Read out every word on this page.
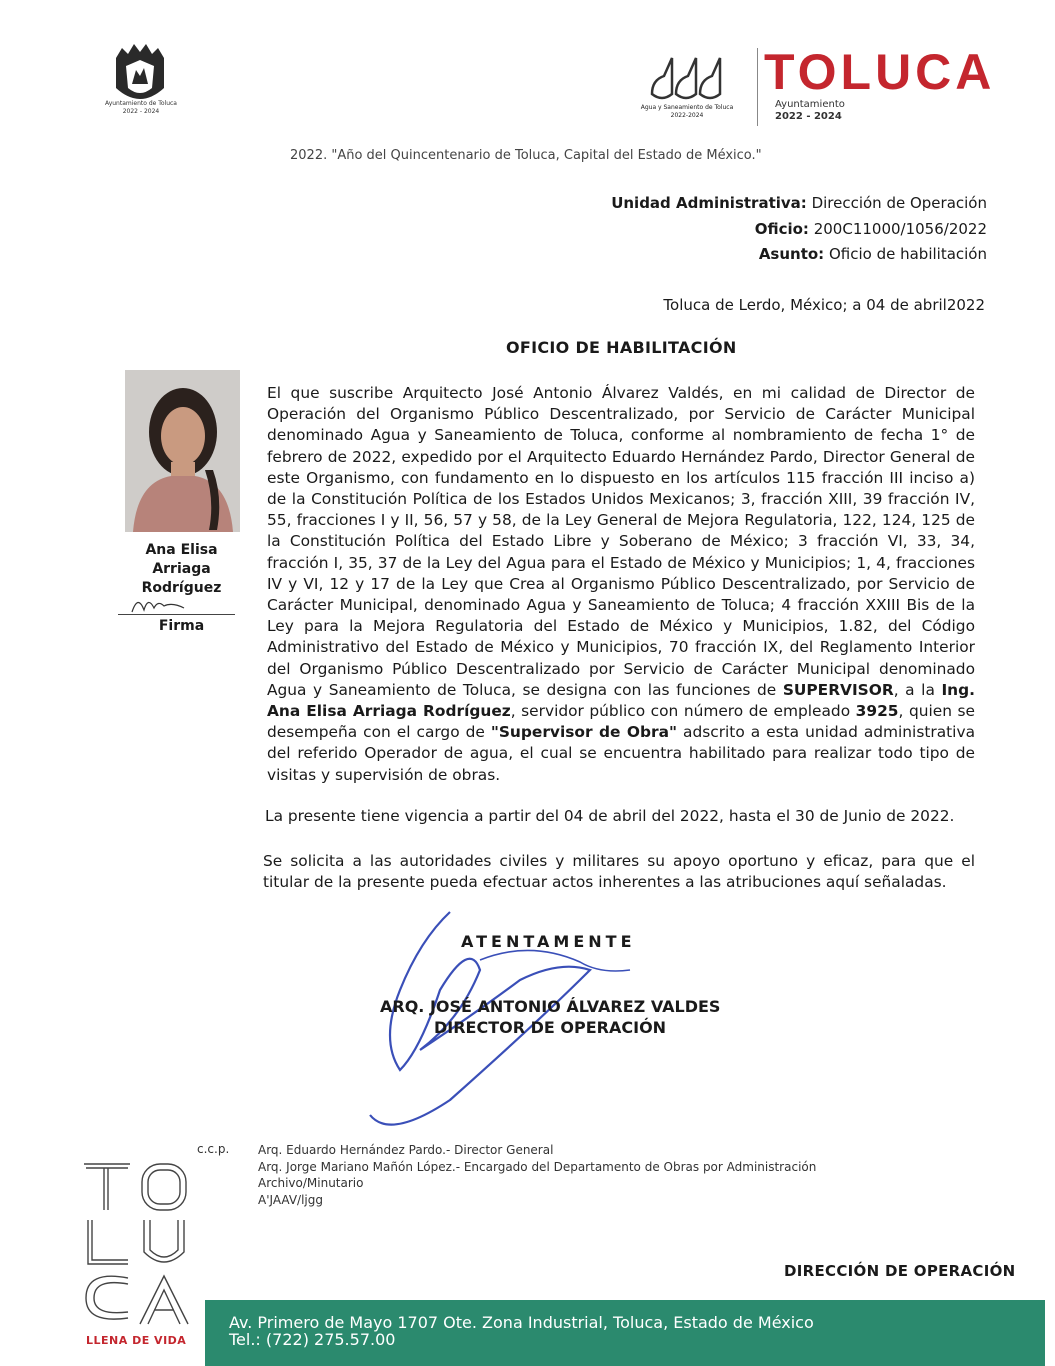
Ayuntamiento de Toluca
2022 - 2024
Agua y Saneamiento de Toluca
2022-2024
TOLUCA
Ayuntamiento
2022 - 2024
2022. "Año del Quincentenario de Toluca, Capital del Estado de México."
Unidad Administrativa: Dirección de Operación
Oficio: 200C11000/1056/2022
Asunto: Oficio de habilitación
Toluca de Lerdo, México; a 04 de abril2022
OFICIO DE HABILITACIÓN
Ana Elisa
Arriaga
Rodríguez
Firma

El que suscribe Arquitecto José Antonio Álvarez Valdés, en mi calidad de Director de Operación del Organismo Público Descentralizado, por Servicio de Carácter Municipal denominado Agua y Saneamiento de Toluca, conforme al nombramiento de fecha 1° de febrero de 2022, expedido por el Arquitecto Eduardo Hernández Pardo, Director General de este Organismo, con fundamento en lo dispuesto en los artículos 115 fracción III inciso a) de la Constitución Política de los Estados Unidos Mexicanos; 3, fracción XIII, 39 fracción IV, 55, fracciones I y II, 56, 57 y 58, de la Ley General de Mejora Regulatoria, 122, 124, 125 de la Constitución Política del Estado Libre y Soberano de México; 3 fracción VI, 33, 34, fracción I, 35, 37 de la Ley del Agua para el Estado de México y Municipios; 1, 4, fracciones IV y VI, 12 y 17 de la Ley que Crea al Organismo Público Descentralizado, por Servicio de Carácter Municipal, denominado Agua y Saneamiento de Toluca; 4 fracción XXIII Bis de la Ley para la Mejora Regulatoria del Estado de México y Municipios, 1.82, del Código Administrativo del Estado de México y Municipios, 70 fracción IX, del Reglamento Interior del Organismo Público Descentralizado por Servicio de Carácter Municipal denominado Agua y Saneamiento de Toluca, se designa con las funciones de SUPERVISOR, a la Ing. Ana Elisa Arriaga Rodríguez, servidor público con número de empleado 3925, quien se desempeña con el cargo de "Supervisor de Obra" adscrito a esta unidad administrativa del referido Operador de agua, el cual se encuentra habilitado para realizar todo tipo de visitas y supervisión de obras.

La presente tiene vigencia a partir del 04 de abril del 2022, hasta el 30 de Junio de 2022.
Se solicita a las autoridades civiles y militares su apoyo oportuno y eficaz, para que el titular de la presente pueda efectuar actos inherentes a las atribuciones aquí señaladas.
ATENTAMENTE
ARQ. JOSÉ ANTONIO ÁLVAREZ VALDES
DIRECTOR DE OPERACIÓN
c.c.p. Arq. Eduardo Hernández Pardo.- Director General
Arq. Jorge Mariano Mañón López.- Encargado del Departamento de Obras por Administración
Archivo/Minutario
A'JAAV/ljgg
LLENA DE VIDA
DIRECCIÓN DE OPERACIÓN
Av. Primero de Mayo 1707 Ote. Zona Industrial, Toluca, Estado de México
Tel.: (722) 275.57.00
